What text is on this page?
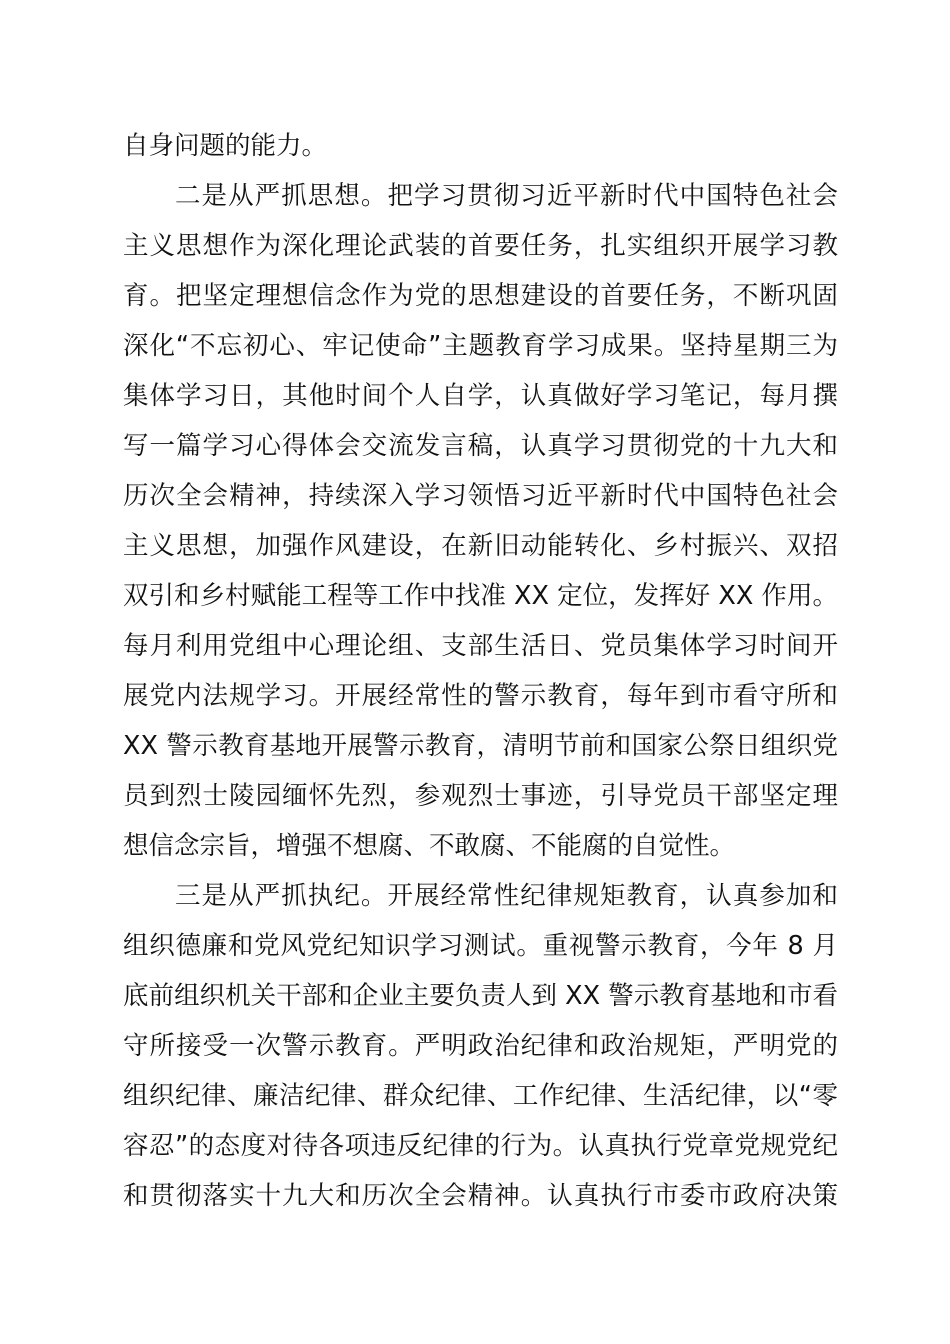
自身问题的能力。
二是从严抓思想。把学习贯彻习近平新时代中国特色社会
主义思想作为深化理论武装的首要任务，扎实组织开展学习教
育。把坚定理想信念作为党的思想建设的首要任务，不断巩固
深化“不忘初心、牢记使命”主题教育学习成果。坚持星期三为
集体学习日，其他时间个人自学，认真做好学习笔记，每月撰
写一篇学习心得体会交流发言稿，认真学习贯彻党的十九大和
历次全会精神，持续深入学习领悟习近平新时代中国特色社会
主义思想，加强作风建设，在新旧动能转化、乡村振兴、双招
双引和乡村赋能工程等工作中找准 XX 定位，发挥好 XX 作用。
每月利用党组中心理论组、支部生活日、党员集体学习时间开
展党内法规学习。开展经常性的警示教育，每年到市看守所和
XX 警示教育基地开展警示教育，清明节前和国家公祭日组织党
员到烈士陵园缅怀先烈，参观烈士事迹，引导党员干部坚定理
想信念宗旨，增强不想腐、不敢腐、不能腐的自觉性。
三是从严抓执纪。开展经常性纪律规矩教育，认真参加和
组织德廉和党风党纪知识学习测试。重视警示教育，今年 8 月
底前组织机关干部和企业主要负责人到 XX 警示教育基地和市看
守所接受一次警示教育。严明政治纪律和政治规矩，严明党的
组织纪律、廉洁纪律、群众纪律、工作纪律、生活纪律，以“零
容忍”的态度对待各项违反纪律的行为。认真执行党章党规党纪
和贯彻落实十九大和历次全会精神。认真执行市委市政府决策
